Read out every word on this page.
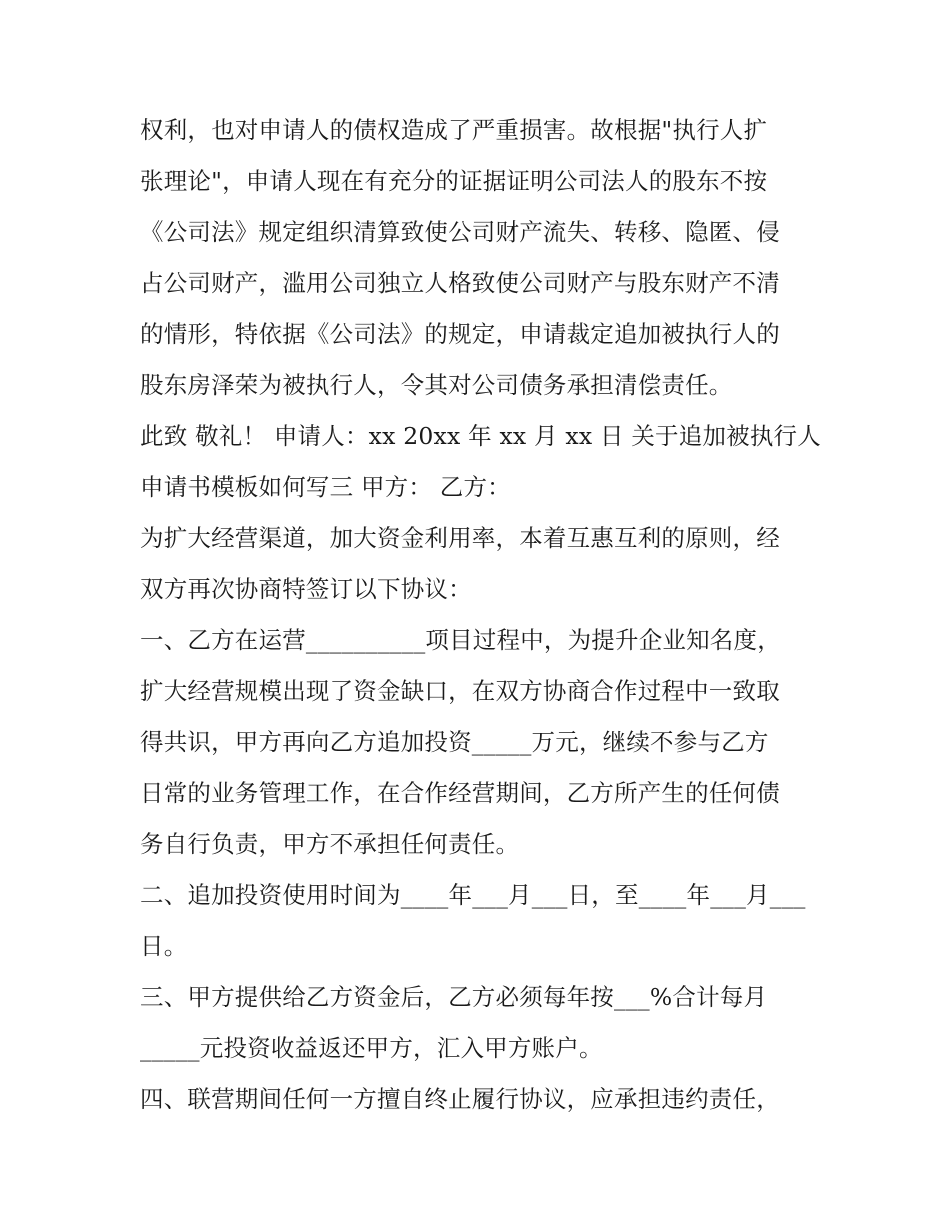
权利，也对申请人的债权造成了严重损害。故根据"执行人扩
张理论"，申请人现在有充分的证据证明公司法人的股东不按
《公司法》规定组织清算致使公司财产流失、转移、隐匿、侵
占公司财产，滥用公司独立人格致使公司财产与股东财产不清
的情形，特依据《公司法》的规定，申请裁定追加被执行人的
股东房泽荣为被执行人，令其对公司债务承担清偿责任。
此致 敬礼！ 申请人：xx 20xx 年 xx 月 xx 日 关于追加被执行人
申请书模板如何写三 甲方： 乙方：
为扩大经营渠道，加大资金利用率，本着互惠互利的原则，经
双方再次协商特签订以下协议：
一、乙方在运营__________项目过程中，为提升企业知名度，
扩大经营规模出现了资金缺口，在双方协商合作过程中一致取
得共识，甲方再向乙方追加投资_____万元，继续不参与乙方
日常的业务管理工作，在合作经营期间，乙方所产生的任何债
务自行负责，甲方不承担任何责任。
二、追加投资使用时间为____年___月___日，至____年___月___
日。
三、甲方提供给乙方资金后，乙方必须每年按___%合计每月
_____元投资收益返还甲方，汇入甲方账户。
四、联营期间任何一方擅自终止履行协议，应承担违约责任，
